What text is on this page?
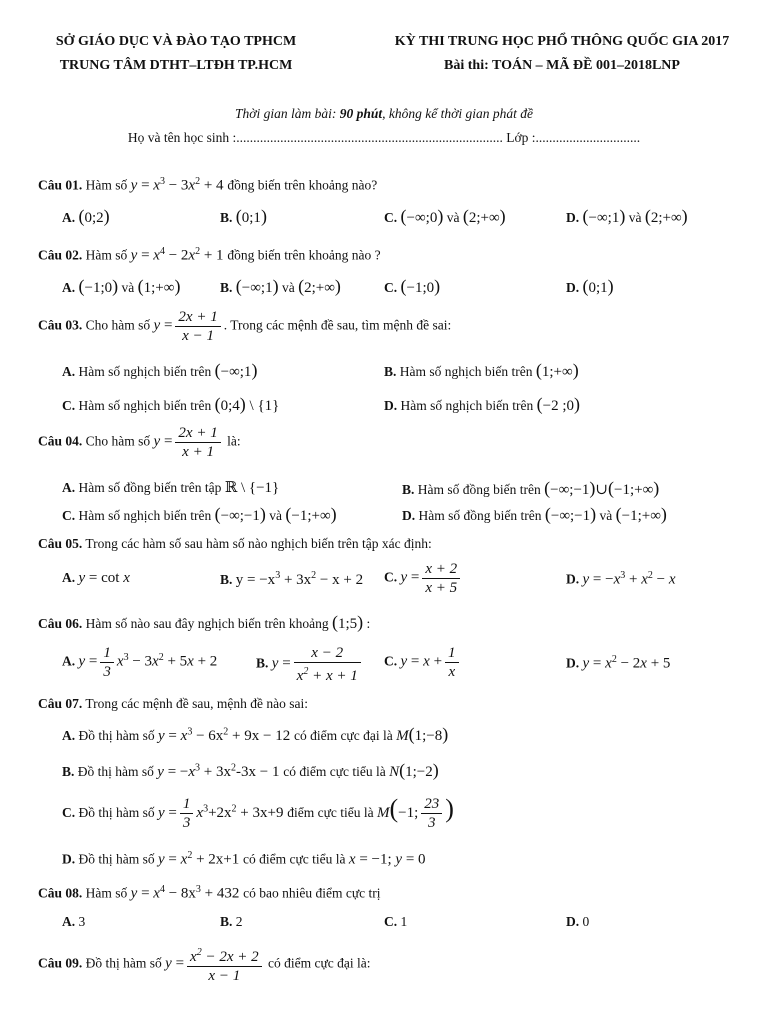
SỞ GIÁO DỤC VÀ ĐÀO TẠO TPHCM
TRUNG TÂM DTHT–LTĐH TP.HCM
KỲ THI TRUNG HỌC PHỔ THÔNG QUỐC GIA 2017
Bài thi: TOÁN – MÃ ĐỀ 001–2018LNP
Thời gian làm bài: 90 phút, không kể thời gian phát đề
Họ và tên học sinh :............................................................................... Lớp :...............................
Câu 01. Hàm số $y = x^3 - 3x^2 + 4$ đồng biến trên khoảng nào?
A. (0;2)	B. (0;1)	C. (−∞;0) và (2;+∞)	D. (−∞;1) và (2;+∞)
Câu 02. Hàm số $y = x^4 - 2x^2 + 1$ đồng biến trên khoảng nào ?
A. (−1;0) và (1;+∞)	B. (−∞;1) và (2;+∞)	C. (−1;0)	D. (0;1)
Câu 03. Cho hàm số $y = \frac{2x + 1}{x - 1}$ . Trong các mệnh đề sau, tìm mệnh đề sai:
A. Hàm số nghịch biến trên (−∞;1)	B. Hàm số nghịch biến trên (1;+∞)
C. Hàm số nghịch biến trên (0;4) \ {1}	D. Hàm số nghịch biến trên (−2 ;0)
Câu 04. Cho hàm số $y = \frac{2x + 1}{x + 1}$ là:
A. Hàm số đồng biến trên tập ℝ \ {−1}	B. Hàm số đồng biến trên (−∞;−1)∪(−1;+∞)
C. Hàm số nghịch biến trên (−∞;−1) và (−1;+∞)	D. Hàm số đồng biến trên (−∞;−1) và (−1;+∞)
Câu 05. Trong các hàm số sau hàm số nào nghịch biến trên tập xác định:
A. y = cot x	B. $y = -x^3 + 3x^2 - x + 2$ C. $y = \frac{x + 2}{x + 5}$	D. $y = -x^3 + x^2 - x$
Câu 06. Hàm số nào sau đây nghịch biến trên khoảng (1;5) :
A. $y = \frac{1}{3} x^3 - 3x^2 + 5x + 2$	B. $y = \frac{x - 2}{x^2 + x + 1} C$. $y = x + \frac{1}{x}$	D. $y = x^2 - 2x + 5$
Câu 07. Trong các mệnh đề sau, mệnh đề nào sai:
A. Đồ thị hàm số $y = x^3 - 6x^2 + 9x - 12$ có điểm cực đại là M(1;−8)
B. Đồ thị hàm số $y = -x^3 + 3x^2-3x - 1$ có điểm cực tiểu là N(1;−2)
C. Đồ thị hàm số $y = \frac{1}{3} x^3+2x^2 + 3x+9$ điểm cực tiểu là M(−1; $\frac{23}{3}$ )
D. Đồ thị hàm số $y = x^2 + 2x+1$ có điểm cực tiểu là x = −1; y = 0
Câu 08. Hàm số $y = x^4 - 8x^3 + 432$ có bao nhiêu điểm cực trị
A. 3	B. 2	C. 1	D. 0
Câu 09. Đồ thị hàm số $y = \frac{x^2 - 2x + 2}{x - 1}$ có điểm cực đại là:
